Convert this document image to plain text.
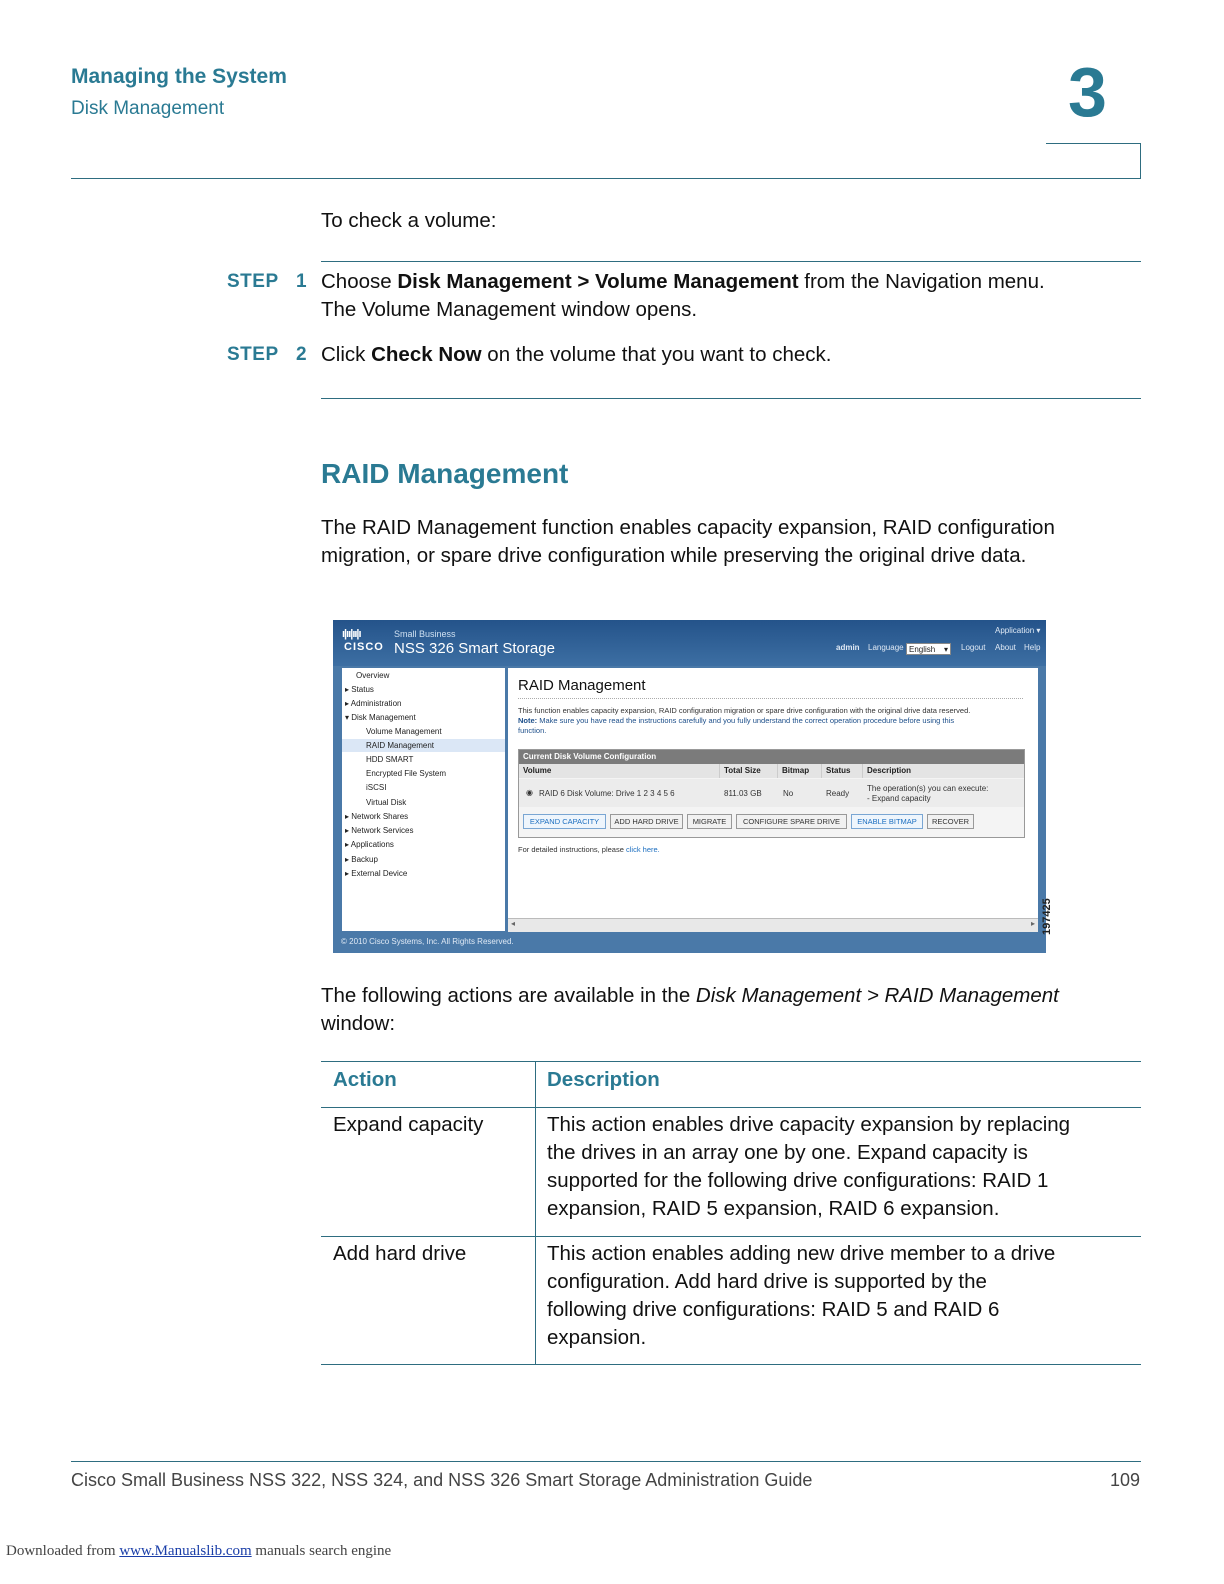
Managing the System
Disk Management	3
To check a volume:
STEP 1 Choose Disk Management > Volume Management from the Navigation menu.
The Volume Management window opens.
STEP 2 Click Check Now on the volume that you want to check.
RAID Management
The RAID Management function enables capacity expansion, RAID configuration
migration, or spare drive configuration while preserving the original drive data.
ı|ıı|ıı|ı
CISCO
Small Business
NSS 326 Smart Storage
Application ▾
admin Language English ▾ Logout About Help
Overview
▸ Status
▸ Administration
▾ Disk Management
Volume Management
RAID Management
HDD SMART
Encrypted File System
iSCSI
Virtual Disk
▸ Network Shares
▸ Network Services
▸ Applications
▸ Backup
▸ External Device
RAID Management
This function enables capacity expansion, RAID configuration migration or spare drive configuration with the original drive data reserved.
Note: Make sure you have read the instructions carefully and you fully understand the correct operation procedure before using this
function.
Current Disk Volume Configuration
Volume	Total Size	Bitmap	Status	Description
◉ RAID 6 Disk Volume: Drive 1 2 3 4 5 6	811.03 GB	No	Ready
The operation(s) you can execute:
- Expand capacity
EXPAND CAPACITY	ADD HARD DRIVE	MIGRATE	CONFIGURE SPARE DRIVE	ENABLE BITMAP	RECOVER
For detailed instructions, please click here.
◂	▸
© 2010 Cisco Systems, Inc. All Rights Reserved.
197425
The following actions are available in the Disk Management > RAID Management
window:
Action	Description
Expand capacity	This action enables drive capacity expansion by replacing
the drives in an array one by one. Expand capacity is
supported for the following drive configurations: RAID 1
expansion, RAID 5 expansion, RAID 6 expansion.
Add hard drive	This action enables adding new drive member to a drive
configuration. Add hard drive is supported by the
following drive configurations: RAID 5 and RAID 6
expansion.
Cisco Small Business NSS 322, NSS 324, and NSS 326 Smart Storage Administration Guide	109
Downloaded from www.Manualslib.com manuals search engine
